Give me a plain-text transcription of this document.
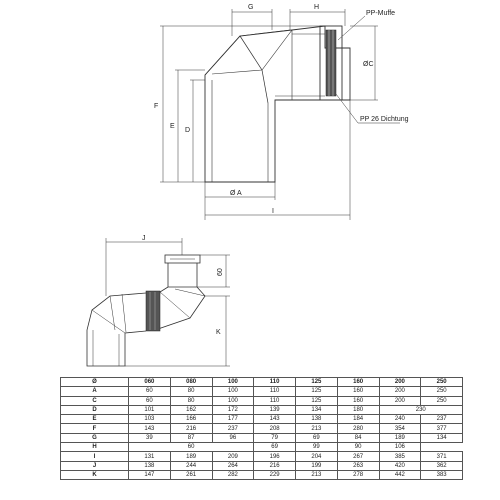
G	H
F
E
D
ØC
Ø A
I
PP-Muffe
PP 26 Dichtung
J
60
K
Ø	060	080	100	110	125	160	200	250
A	60	80	100	110	125	160	200	250
C	60	80	100	110	125	160	200	250
D	101	162	172	139	134	180	230	
E	103	166	177	143	138	184	240	237
F	143	216	237	208	213	280	354	377
G	39	87	96	79	69	84	189	134
H	60			69	99	90	106	
I	131	189	209	196	204	267	385	371
J	138	244	264	216	199	263	420	362
K	147	261	282	229	213	278	442	383
